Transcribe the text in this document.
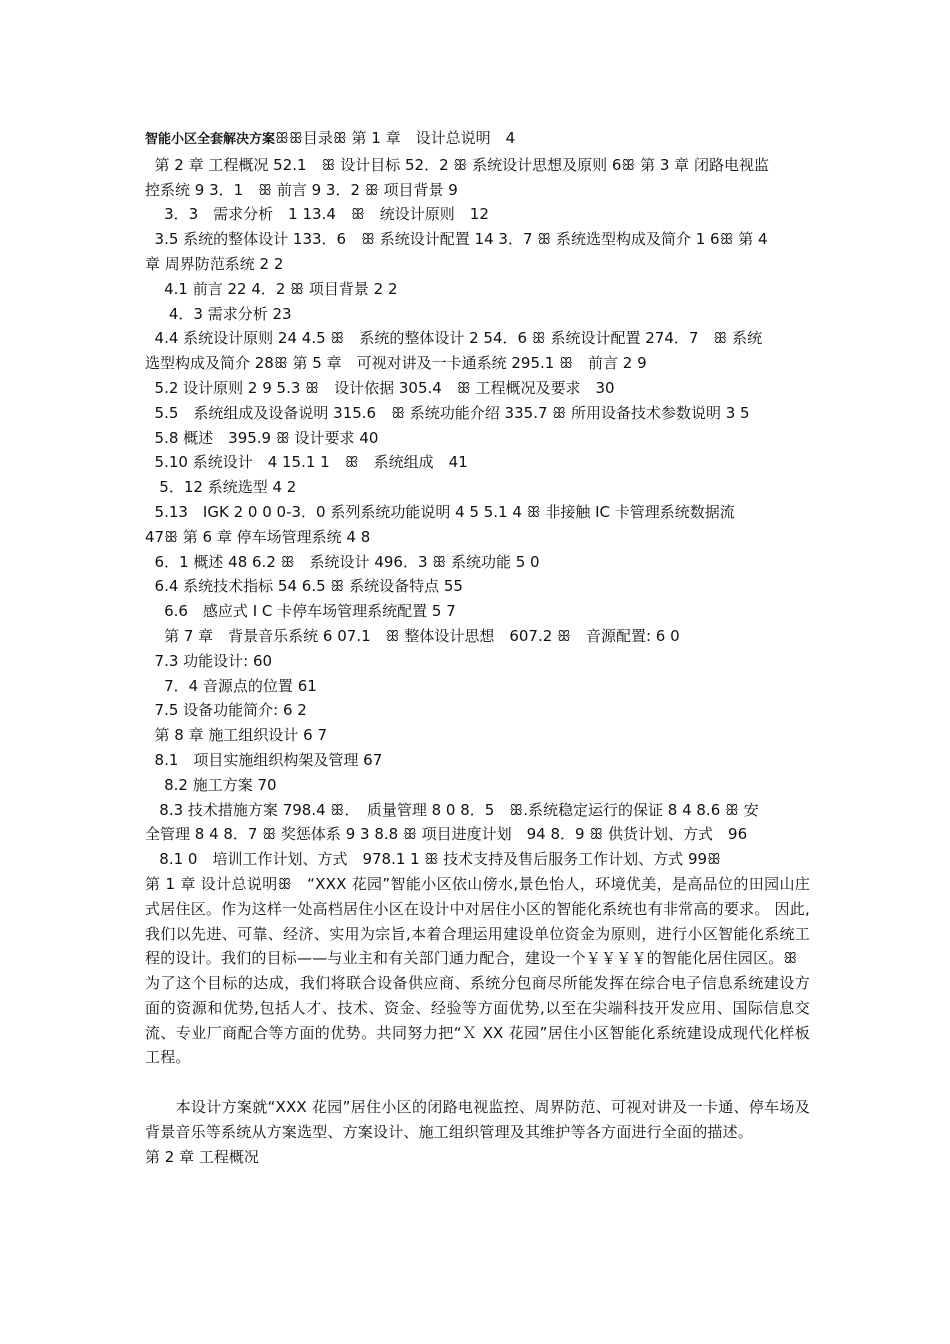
智能小区全套解决方案ꕥꕥ目录ꕥ 第 1 章　设计总说明　4
第 2 章 工程概况 52.1　ꕥ 设计目标 52．2 ꕥ 系统设计思想及原则 6ꕥ 第 3 章 闭路电视监
控系统 9 3．1　ꕥ 前言 9 3．2 ꕥ 项目背景 9
3．3　需求分析　1 13.4　ꕥ　统设计原则　12
3.5 系统的整体设计 133．6　ꕥ 系统设计配置 14 3．7 ꕥ 系统选型构成及简介 1 6ꕥ 第 4
章 周界防范系统 2 2
4.1 前言 22 4．2 ꕥ 项目背景 2 2
4．3 需求分析 23
4.4 系统设计原则 24 4.5 ꕥ　系统的整体设计 2 54．6 ꕥ 系统设计配置 274．7　ꕥ 系统
选型构成及简介 28ꕥ 第 5 章　可视对讲及一卡通系统 295.1 ꕥ　前言 2 9
5.2 设计原则 2 9 5.3 ꕥ　设计依据 305.4　ꕥ 工程概况及要求　30
5.5　系统组成及设备说明 315.6　ꕥ 系统功能介绍 335.7 ꕥ 所用设备技术参数说明 3 5
5.8 概述　395.9 ꕥ 设计要求 40
5.10 系统设计　4 15.1 1　ꕥ　系统组成　41
5．12 系统选型 4 2
5.13　IGK 2 0 0 0-3．0 系列系统功能说明 4 5 5.1 4 ꕥ 非接触 IC 卡管理系统数据流
47ꕥ 第 6 章 停车场管理系统 4 8
6．1 概述 48 6.2 ꕥ　系统设计 496．3 ꕥ 系统功能 5 0
6.4 系统技术指标 54 6.5 ꕥ 系统设备特点 55
6.6　感应式 I C 卡停车场管理系统配置 5 7
第 7 章　背景音乐系统 6 07.1　ꕥ 整体设计思想　607.2 ꕥ　音源配置: 6 0
7.3 功能设计: 60
7．4 音源点的位置 61
7.5 设备功能简介: 6 2
第 8 章 施工组织设计 6 7
8.1　项目实施组织构架及管理 67
8.2 施工方案 70
8.3 技术措施方案 798.4 ꕥ．　质量管理 8 0 8．5　ꕥ.系统稳定运行的保证 8 4 8.6 ꕥ 安
全管理 8 4 8．7 ꕥ 奖惩体系 9 3 8.8 ꕥ 项目进度计划　94 8．9 ꕥ 供货计划、方式　96
8.1 0　培训工作计划、方式　978.1 1 ꕥ 技术支持及售后服务工作计划、方式 99ꕥ
第 1 章 设计总说明ꕥ　“XXX 花园”智能小区依山傍水,景色怡人，环境优美，是高品位的田园山庄式居住区。作为这样一处高档居住小区在设计中对居住小区的智能化系统也有非常高的要求。 因此,我们以先进、可靠、经济、实用为宗旨,本着合理运用建设单位资金为原则，进行小区智能化系统工程的设计。我们的目标——与业主和有关部门通力配合，建设一个￥￥￥￥的智能化居住园区。ꕥ
为了这个目标的达成，我们将联合设备供应商、系统分包商尽所能发挥在综合电子信息系统建设方面的资源和优势,包括人才、技术、资金、经验等方面优势,以至在尖端科技开发应用、国际信息交流、专业厂商配合等方面的优势。共同努力把“Ｘ XX 花园”居住小区智能化系统建设成现代化样板工程。
　　本设计方案就“XXX 花园”居住小区的闭路电视监控、周界防范、可视对讲及一卡通、停车场及背景音乐等系统从方案选型、方案设计、施工组织管理及其维护等各方面进行全面的描述。
第 2 章 工程概况
